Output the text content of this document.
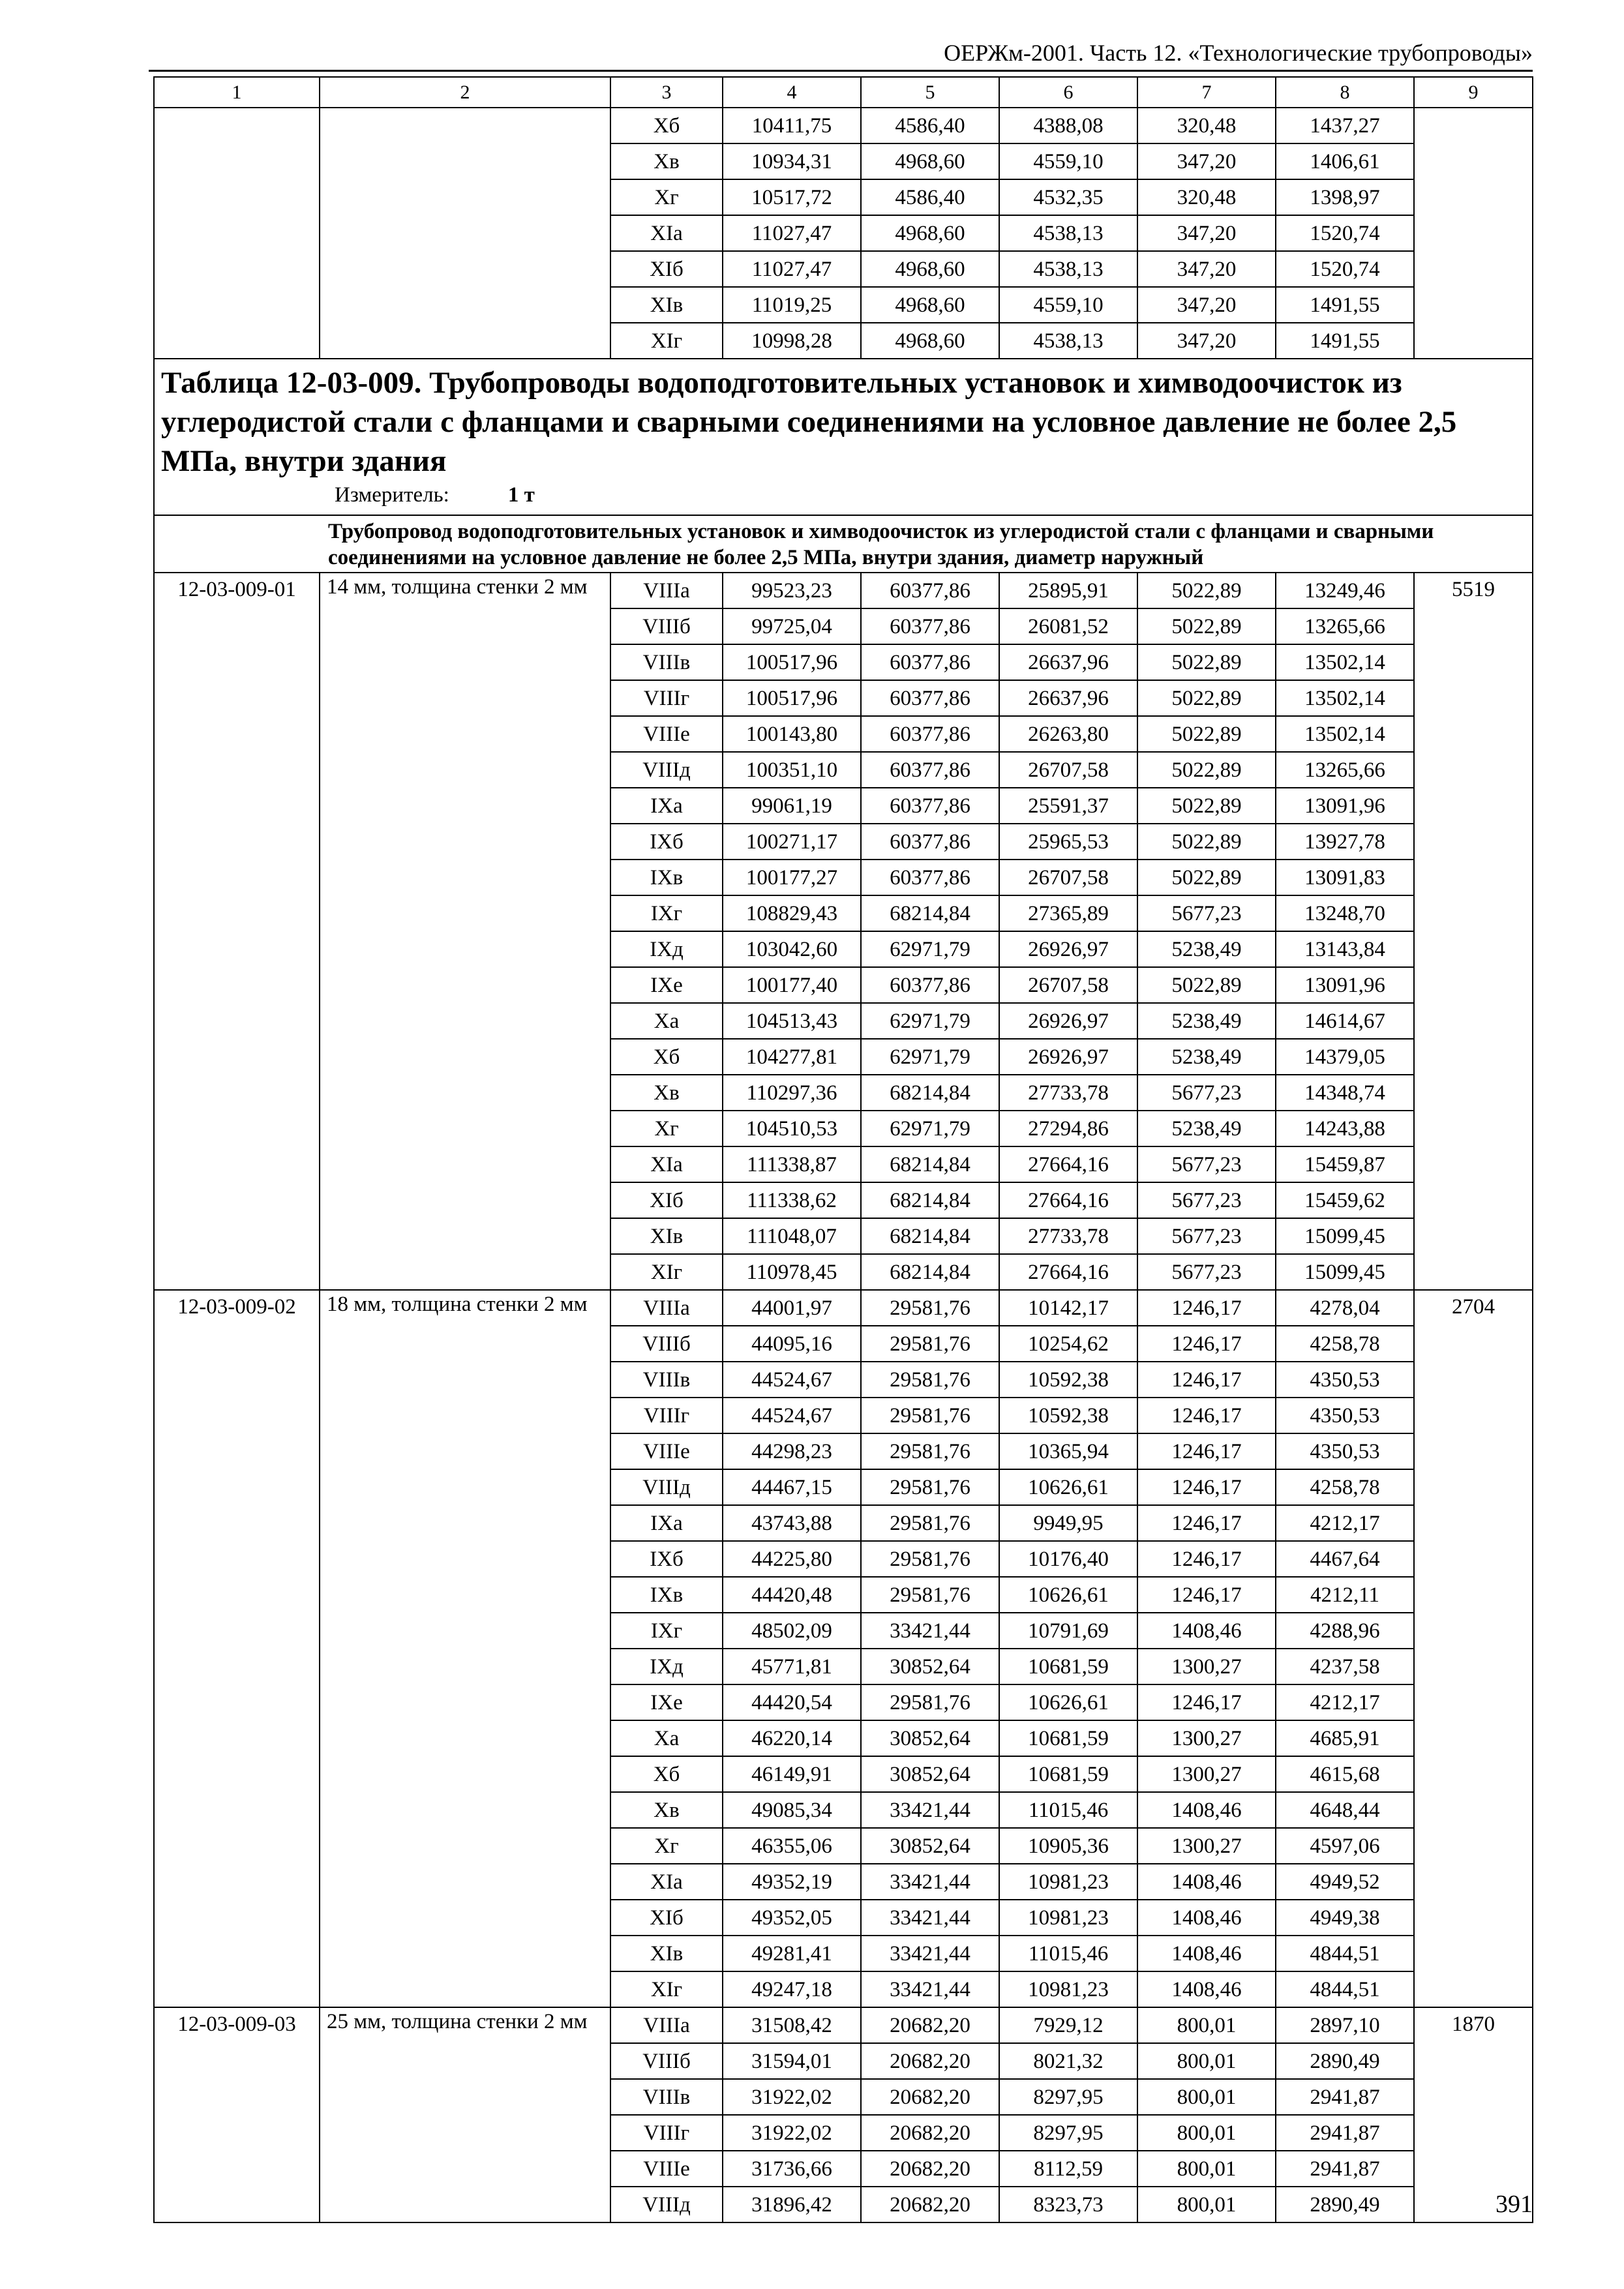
ОЕРЖм-2001. Часть 12. «Технологические трубопроводы»
1	2	3	4	5	6	7	8	9
		Хб	10411,75	4586,40	4388,08	320,48	1437,27	
		Хв	10934,31	4968,60	4559,10	347,20	1406,61	
		Хг	10517,72	4586,40	4532,35	320,48	1398,97	
		ХIа	11027,47	4968,60	4538,13	347,20	1520,74	
		ХIб	11027,47	4968,60	4538,13	347,20	1520,74	
		ХIв	11019,25	4968,60	4559,10	347,20	1491,55	
		ХIг	10998,28	4968,60	4538,13	347,20	1491,55	

Таблица 12-03-009. Трубопроводы водоподготовительных установок и химводоочисток из углеродистой стали с фланцами и сварными соединениями на условное давление не более 2,5 МПа, внутри здания
Измеритель: 1 т								

Трубопровод водоподготовительных установок и химводоочисток из углеродистой стали с фланцами и сварными соединениями на условное давление не более 2,5 МПа, внутри здания, диаметр наружный								
12-03-009-01	14 мм, толщина стенки 2 мм	VIIIа	99523,23	60377,86	25895,91	5022,89	13249,46	5519
		VIIIб	99725,04	60377,86	26081,52	5022,89	13265,66	
		VIIIв	100517,96	60377,86	26637,96	5022,89	13502,14	
		VIIIг	100517,96	60377,86	26637,96	5022,89	13502,14	
		VIIIе	100143,80	60377,86	26263,80	5022,89	13502,14	
		VIIIд	100351,10	60377,86	26707,58	5022,89	13265,66	
		IХа	99061,19	60377,86	25591,37	5022,89	13091,96	
		IХб	100271,17	60377,86	25965,53	5022,89	13927,78	
		IХв	100177,27	60377,86	26707,58	5022,89	13091,83	
		IХг	108829,43	68214,84	27365,89	5677,23	13248,70	
		IХд	103042,60	62971,79	26926,97	5238,49	13143,84	
		IХе	100177,40	60377,86	26707,58	5022,89	13091,96	
		Ха	104513,43	62971,79	26926,97	5238,49	14614,67	
		Хб	104277,81	62971,79	26926,97	5238,49	14379,05	
		Хв	110297,36	68214,84	27733,78	5677,23	14348,74	
		Хг	104510,53	62971,79	27294,86	5238,49	14243,88	
		ХIа	111338,87	68214,84	27664,16	5677,23	15459,87	
		ХIб	111338,62	68214,84	27664,16	5677,23	15459,62	
		ХIв	111048,07	68214,84	27733,78	5677,23	15099,45	
		ХIг	110978,45	68214,84	27664,16	5677,23	15099,45	
12-03-009-02	18 мм, толщина стенки 2 мм	VIIIа	44001,97	29581,76	10142,17	1246,17	4278,04	2704
		VIIIб	44095,16	29581,76	10254,62	1246,17	4258,78	
		VIIIв	44524,67	29581,76	10592,38	1246,17	4350,53	
		VIIIг	44524,67	29581,76	10592,38	1246,17	4350,53	
		VIIIе	44298,23	29581,76	10365,94	1246,17	4350,53	
		VIIIд	44467,15	29581,76	10626,61	1246,17	4258,78	
		IХа	43743,88	29581,76	9949,95	1246,17	4212,17	
		IХб	44225,80	29581,76	10176,40	1246,17	4467,64	
		IХв	44420,48	29581,76	10626,61	1246,17	4212,11	
		IХг	48502,09	33421,44	10791,69	1408,46	4288,96	
		IХд	45771,81	30852,64	10681,59	1300,27	4237,58	
		IХе	44420,54	29581,76	10626,61	1246,17	4212,17	
		Ха	46220,14	30852,64	10681,59	1300,27	4685,91	
		Хб	46149,91	30852,64	10681,59	1300,27	4615,68	
		Хв	49085,34	33421,44	11015,46	1408,46	4648,44	
		Хг	46355,06	30852,64	10905,36	1300,27	4597,06	
		ХIа	49352,19	33421,44	10981,23	1408,46	4949,52	
		ХIб	49352,05	33421,44	10981,23	1408,46	4949,38	
		ХIв	49281,41	33421,44	11015,46	1408,46	4844,51	
		ХIг	49247,18	33421,44	10981,23	1408,46	4844,51	
12-03-009-03	25 мм, толщина стенки 2 мм	VIIIа	31508,42	20682,20	7929,12	800,01	2897,10	1870
		VIIIб	31594,01	20682,20	8021,32	800,01	2890,49	
		VIIIв	31922,02	20682,20	8297,95	800,01	2941,87	
		VIIIг	31922,02	20682,20	8297,95	800,01	2941,87	
		VIIIе	31736,66	20682,20	8112,59	800,01	2941,87	
		VIIIд	31896,42	20682,20	8323,73	800,01	2890,49		391
